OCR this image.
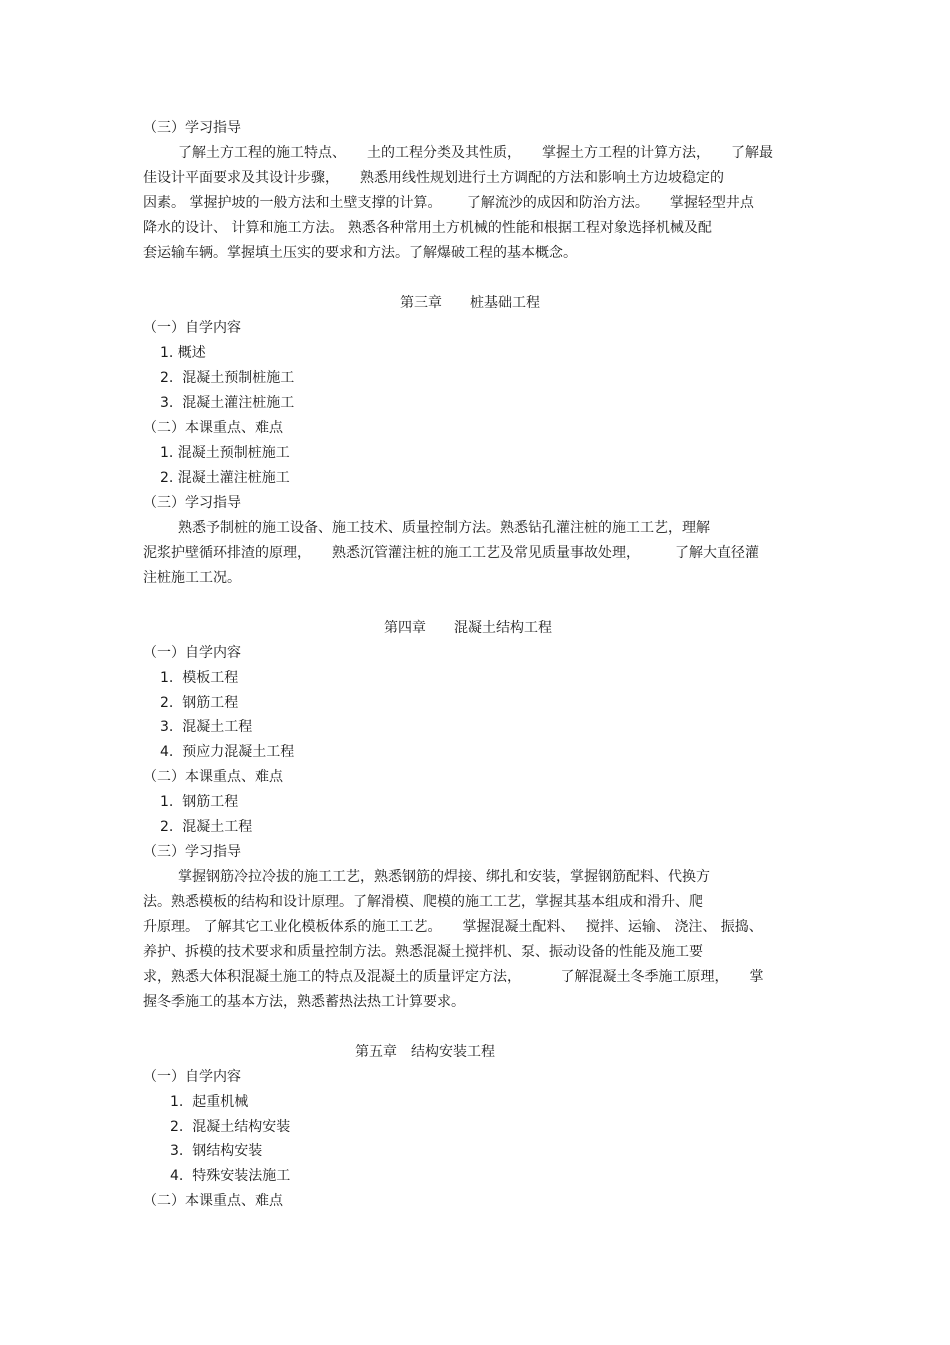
（三）学习指导
了解土方工程的施工特点、　　土的工程分类及其性质，　　掌握土方工程的计算方法，　　了解最
佳设计平面要求及其设计步骤，　　熟悉用线性规划进行土方调配的方法和影响土方边坡稳定的
因素。 掌握护坡的一般方法和土壁支撑的计算。　　 了解流沙的成因和防治方法。　　掌握轻型井点
降水的设计、 计算和施工方法。 熟悉各种常用土方机械的性能和根据工程对象选择机械及配
套运输车辆。掌握填土压实的要求和方法。了解爆破工程的基本概念。
第三章　　桩基础工程
（一）自学内容
1. 概述
2.  混凝土预制桩施工
3.  混凝土灌注桩施工
（二）本课重点、难点
1. 混凝土预制桩施工
2. 混凝土灌注桩施工
（三）学习指导
熟悉予制桩的施工设备、施工技术、质量控制方法。熟悉钻孔灌注桩的施工工艺，理解
泥浆护壁循环排渣的原理，　　熟悉沉管灌注桩的施工工艺及常见质量事故处理，　　　了解大直径灌
注桩施工工况。
第四章　　混凝土结构工程
（一）自学内容
1.  模板工程
2.  钢筋工程
3.  混凝土工程
4.  预应力混凝土工程
（二）本课重点、难点
1.  钢筋工程
2.  混凝土工程
（三）学习指导
掌握钢筋冷拉冷拔的施工工艺，熟悉钢筋的焊接、绑扎和安装，掌握钢筋配料、代换方
法。熟悉模板的结构和设计原理。了解滑模、爬模的施工工艺，掌握其基本组成和滑升、爬
升原理。 了解其它工业化模板体系的施工工艺。　　掌握混凝土配料、　 搅拌、运输、 浇注、 振捣、
养护、拆模的技术要求和质量控制方法。熟悉混凝土搅拌机、泵、振动设备的性能及施工要
求，熟悉大体积混凝土施工的特点及混凝土的质量评定方法，　　　 了解混凝土冬季施工原理，　　掌
握冬季施工的基本方法，熟悉蓄热法热工计算要求。
第五章　结构安装工程
（一）自学内容
1.  起重机械
2.  混凝土结构安装
3.  钢结构安装
4.  特殊安装法施工
（二）本课重点、难点
